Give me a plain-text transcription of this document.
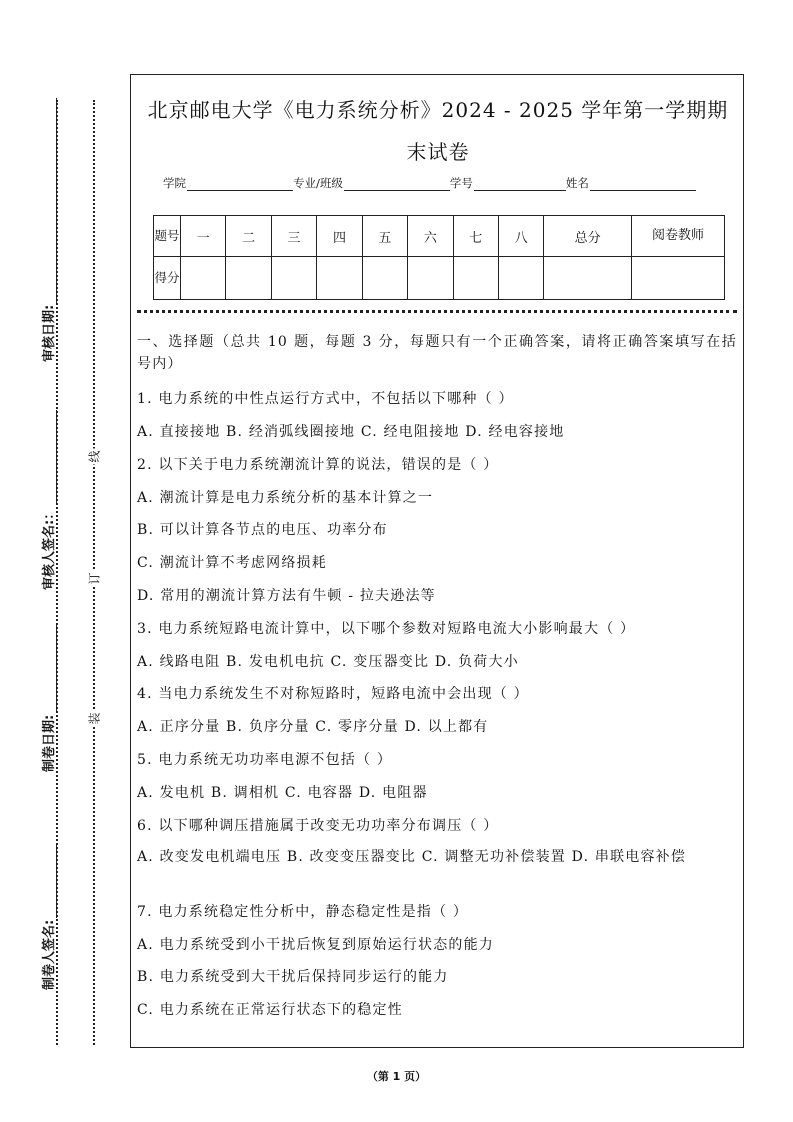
线
订
装
审核日期:
审核人签名:：
制卷日期:
制卷人签名:
北京邮电大学《电力系统分析》2024 - 2025 学年第一学期期末试卷
学院	专业/班级	学号	姓名
题号	一	二	三	四	五	六	七	八	总分	阅卷教师
得分										
一、选择题（总共 10 题，每题 3 分，每题只有一个正确答案，请将正确答案填写在括号内）
1. 电力系统的中性点运行方式中，不包括以下哪种（ ）
A. 直接接地 B. 经消弧线圈接地 C. 经电阻接地 D. 经电容接地
2. 以下关于电力系统潮流计算的说法，错误的是（ ）
A. 潮流计算是电力系统分析的基本计算之一
B. 可以计算各节点的电压、功率分布
C. 潮流计算不考虑网络损耗
D. 常用的潮流计算方法有牛顿 - 拉夫逊法等
3. 电力系统短路电流计算中，以下哪个参数对短路电流大小影响最大（ ）
A. 线路电阻 B. 发电机电抗 C. 变压器变比 D. 负荷大小
4. 当电力系统发生不对称短路时，短路电流中会出现（ ）
A. 正序分量 B. 负序分量 C. 零序分量 D. 以上都有
5. 电力系统无功功率电源不包括（ ）
A. 发电机 B. 调相机 C. 电容器 D. 电阻器
6. 以下哪种调压措施属于改变无功功率分布调压（ ）
A. 改变发电机端电压 B. 改变变压器变比 C. 调整无功补偿装置 D. 串联电容补偿
7. 电力系统稳定性分析中，静态稳定性是指（ ）
A. 电力系统受到小干扰后恢复到原始运行状态的能力
B. 电力系统受到大干扰后保持同步运行的能力
C. 电力系统在正常运行状态下的稳定性
（第 1 页）
